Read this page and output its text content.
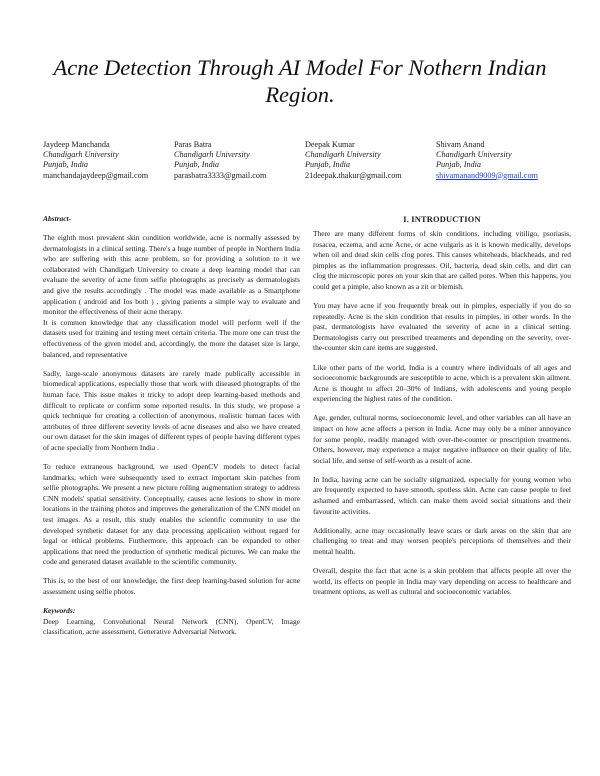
Acne Detection Through AI Model For Nothern Indian Region.
Jaydeep Manchanda
Chandigarh University
Punjab, India
manchandajaydeep@gmail.com
Paras Batra
Chandigarh University
Punjab, India
parasbatra3333@gmail.com
Deepak Kumar
Chandigarh University
Punjab, India
21deepak.thakur@gmail.com
Shivam Anand
Chandigarh University
Punjab, India
shivamanand9009@gmail.com

Abstract-

The eighth most prevalent skin condition worldwide, acne is normally assessed by dermatologists in a clinical setting. There's a huge number of people in Northern India who are suffering with this acne problem, so for providing a solution to it we collaborated with Chandigarh University to create a deep learning model that can evaluate the severity of acne from selfie photographs as precisely as dermatologists and give the results accordingly . The model was made available as a Smartphone application ( android and Ios both ) , giving patients a simple way to evaluate and monitor the effectiveness of their acne therapy.

It is common knowledge that any classification model will perform well if the datasets used for training and testing meet certain criteria. The more one can trust the effectiveness of the given model and, accordingly, the more the dataset size is large, balanced, and representative

Sadly, large-scale anonymous datasets are rarely made publically accessible in biomedical applications, especially those that work with diseased photographs of the human face. This issue makes it tricky to adopt deep learning-based methods and difficult to replicate or confirm some reported results. In this study, we propose a quick technique for creating a collection of anonymous, realistic human faces with attributes of three different severity levels of acne diseases and also we have created our own dataset for the skin images of different types of people having different types of acne specially from Northern India .

To reduce extraneous background, we used OpenCV models to detect facial landmarks, which were subsequently used to extract important skin patches from selfie photographs. We present a new picture rolling augmentation strategy to address CNN models' spatial sensitivity. Conceptually, causes acne lesions to show in more locations in the training photos and improves the generalization of the CNN model on test images. As a result, this study enables the scientific community to use the developed synthetic dataset for any data processing application without regard for legal or ethical problems. Furthermore, this approach can be expanded to other applications that need the production of synthetic medical pictures. We can make the code and generated dataset available to the scientific community.

This is, to the best of our knowledge, the first deep learning-based solution for acne assessment using selfie photos.

Keywords:

Deep Learning, Convolutional Neural Network (CNN), OpenCV, Image classification, acne assessment, Generative Adversarial Network.

I. INTRODUCTION

There are many different forms of skin conditions, including vitiligo, psoriasis, rosacea, eczema, and acne Acne, or acne vulgaris as it is known medically, develops when oil and dead skin cells clog pores. This causes whiteheads, blackheads, and red pimples as the inflammation progresses. Oil, bacteria, dead skin cells, and dirt can clog the microscopic pores on your skin that are called pores. When this happens, you could get a pimple, also known as a zit or blemish.

You may have acne if you frequently break out in pimples, especially if you do so repeatedly. Acne is the skin condition that results in pimples, in other words. In the past, dermatologists have evaluated the severity of acne in a clinical setting. Dermatologists carry out prescribed treatments and depending on the severity, over-the-counter skin care items are suggested.

Like other parts of the world, India is a country where individuals of all ages and socioeconomic backgrounds are susceptible to acne, which is a prevalent skin ailment. Acne is thought to affect 20–30% of Indians, with adolescents and young people experiencing the highest rates of the condition.

Age, gender, cultural norms, socioeconomic level, and other variables can all have an impact on how acne affects a person in India. Acne may only be a minor annoyance for some people, readily managed with over-the-counter or prescription treatments. Others, however, may experience a major negative influence on their quality of life, social life, and sense of self-worth as a result of acne.

In India, having acne can be socially stigmatized, especially for young women who are frequently expected to have smooth, spotless skin. Acne can cause people to feel ashamed and embarrassed, which can make them avoid social situations and their favourite activities.

Additionally, acne may occasionally leave scars or dark areas on the skin that are challenging to treat and may worsen people's perceptions of themselves and their mental health.

Overall, despite the fact that acne is a skin problem that affects people all over the world, its effects on people in India may vary depending on access to healthcare and treatment options, as well as cultural and socioeconomic variables.
